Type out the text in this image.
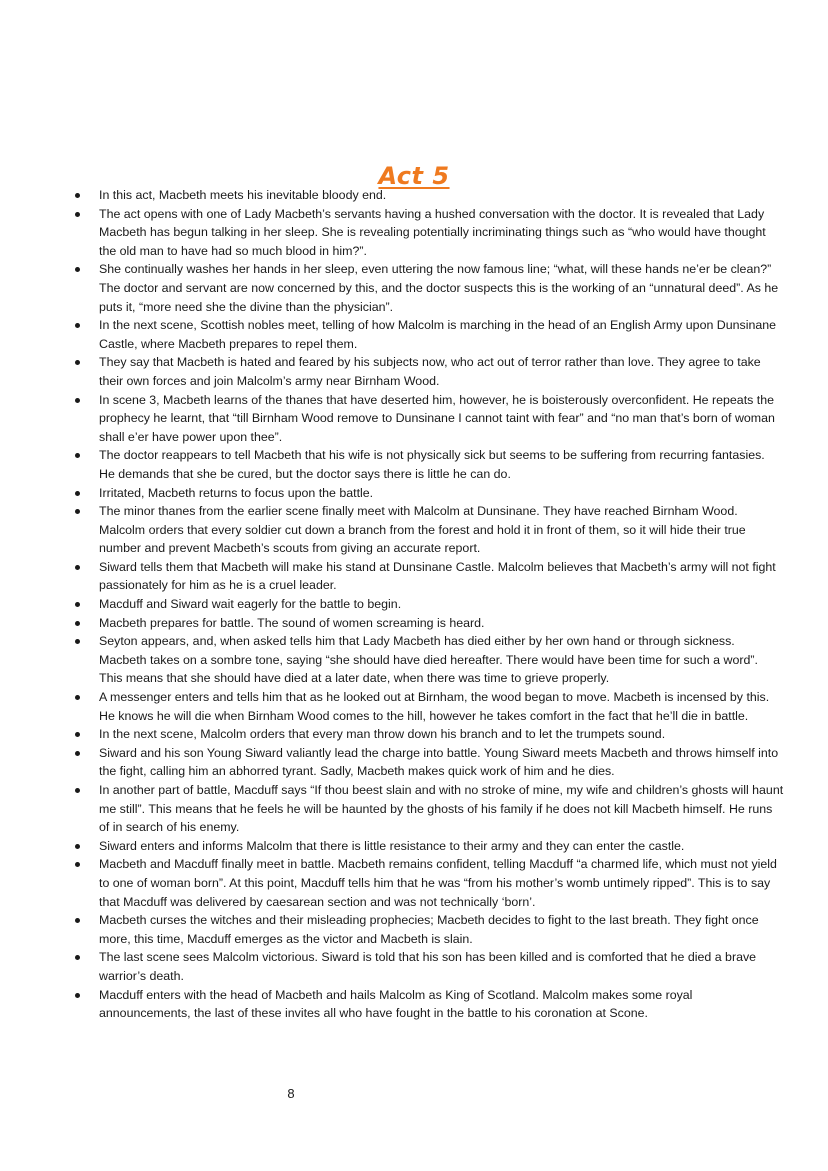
Act 5
In this act, Macbeth meets his inevitable bloody end.
The act opens with one of Lady Macbeth’s servants having a hushed conversation with the doctor. It is revealed that Lady Macbeth has begun talking in her sleep. She is revealing potentially incriminating things such as “who would have thought the old man to have had so much blood in him?”.
She continually washes her hands in her sleep, even uttering the now famous line; “what, will these hands ne’er be clean?” The doctor and servant are now concerned by this, and the doctor suspects this is the working of an “unnatural deed”. As he puts it, “more need she the divine than the physician”.
In the next scene, Scottish nobles meet, telling of how Malcolm is marching in the head of an English Army upon Dunsinane Castle, where Macbeth prepares to repel them.
They say that Macbeth is hated and feared by his subjects now, who act out of terror rather than love. They agree to take their own forces and join Malcolm’s army near Birnham Wood.
In scene 3, Macbeth learns of the thanes that have deserted him, however, he is boisterously overconfident. He repeats the prophecy he learnt, that “till Birnham Wood remove to Dunsinane I cannot taint with fear” and “no man that’s born of woman shall e’er have power upon thee”.
The doctor reappears to tell Macbeth that his wife is not physically sick but seems to be suffering from recurring fantasies. He demands that she be cured, but the doctor says there is little he can do.
Irritated, Macbeth returns to focus upon the battle.
The minor thanes from the earlier scene finally meet with Malcolm at Dunsinane. They have reached Birnham Wood. Malcolm orders that every soldier cut down a branch from the forest and hold it in front of them, so it will hide their true number and prevent Macbeth’s scouts from giving an accurate report.
Siward tells them that Macbeth will make his stand at Dunsinane Castle. Malcolm believes that Macbeth’s army will not fight passionately for him as he is a cruel leader.
Macduff and Siward wait eagerly for the battle to begin.
Macbeth prepares for battle. The sound of women screaming is heard.
Seyton appears, and, when asked tells him that Lady Macbeth has died either by her own hand or through sickness. Macbeth takes on a sombre tone, saying “she should have died hereafter. There would have been time for such a word”. This means that she should have died at a later date, when there was time to grieve properly.
A messenger enters and tells him that as he looked out at Birnham, the wood began to move. Macbeth is incensed by this. He knows he will die when Birnham Wood comes to the hill, however he takes comfort in the fact that he’ll die in battle.
In the next scene, Malcolm orders that every man throw down his branch and to let the trumpets sound.
Siward and his son Young Siward valiantly lead the charge into battle. Young Siward meets Macbeth and throws himself into the fight, calling him an abhorred tyrant. Sadly, Macbeth makes quick work of him and he dies.
In another part of battle, Macduff says “If thou beest slain and with no stroke of mine, my wife and children’s ghosts will haunt me still”. This means that he feels he will be haunted by the ghosts of his family if he does not kill Macbeth himself. He runs of in search of his enemy.
Siward enters and informs Malcolm that there is little resistance to their army and they can enter the castle.
Macbeth and Macduff finally meet in battle. Macbeth remains confident, telling Macduff “a charmed life, which must not yield to one of woman born”. At this point, Macduff tells him that he was “from his mother’s womb untimely ripped”. This is to say that Macduff was delivered by caesarean section and was not technically ‘born’.
Macbeth curses the witches and their misleading prophecies; Macbeth decides to fight to the last breath. They fight once more, this time, Macduff emerges as the victor and Macbeth is slain.
The last scene sees Malcolm victorious. Siward is told that his son has been killed and is comforted that he died a brave warrior’s death.
Macduff enters with the head of Macbeth and hails Malcolm as King of Scotland. Malcolm makes some royal announcements, the last of these invites all who have fought in the battle to his coronation at Scone.
8
